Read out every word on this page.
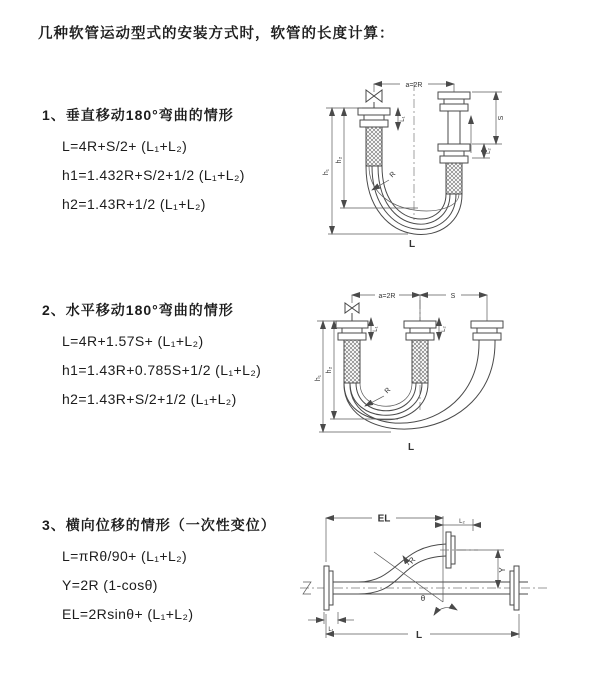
几种软管运动型式的安装方式时，软管的长度计算：
1、垂直移动180°弯曲的情形
L=4R+S/2+ (L₁+L₂)
h1=1.432R+S/2+1/2 (L₁+L₂)
h2=1.43R+1/2 (L₁+L₂)
2、水平移动180°弯曲的情形
L=4R+1.57S+ (L₁+L₂)
h1=1.43R+0.785S+1/2 (L₁+L₂)
h2=1.43R+S/2+1/2 (L₁+L₂)
3、横向位移的情形（一次性变位）
L=πRθ/90+ (L₁+L₂)
Y=2R (1-cosθ)
EL=2Rsinθ+ (L₁+L₂)
a=2R
h₁
h₂
L₁	S
L₂
R
L
a=2R	S
h₁
h₂
L₁	L₂
R
L
θ
R
EL	L₂
Y
L
L₁
